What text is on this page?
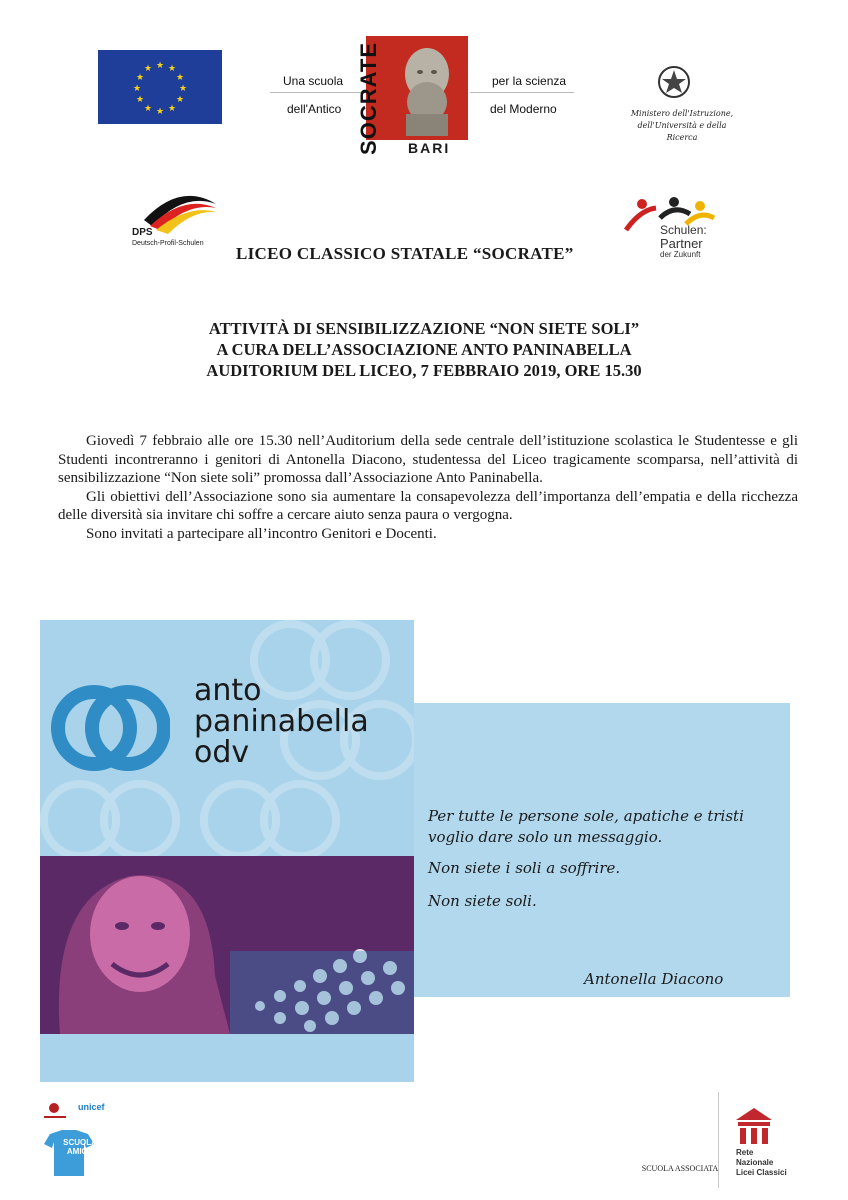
★ ★
★
★
★
★
★
★
★
★
★
★
Una scuola
dell'Antico SOCRATE BARI
per la scienza
del Moderno	Ministero dell'Istruzione,
dell'Università e della Ricerca
DPS
Deutsch-Profil-Schulen
LICEO CLASSICO STATALE “SOCRATE”
Schulen:
Partner
der Zukunft
ATTIVITÀ DI SENSIBILIZZAZIONE “NON SIETE SOLI”
A CURA DELL’ASSOCIAZIONE ANTO PANINABELLA
AUDITORIUM DEL LICEO, 7 FEBBRAIO 2019, ORE 15.30

Giovedì 7 febbraio alle ore 15.30 nell’Auditorium della sede centrale dell’istituzione scolastica le Studentesse e gli Studenti incontreranno i genitori di Antonella Diacono, studentessa del Liceo tragicamente scomparsa, nell’attività di sensibilizzazione “Non siete soli” promossa dall’Associazione Anto Paninabella.

Gli obiettivi dell’Associazione sono sia aumentare la consapevolezza dell’importanza dell’empatia e della ricchezza delle diversità sia invitare chi soffre a cercare aiuto senza paura o vergogna.

Sono invitati a partecipare all’incontro Genitori e Docenti.

anto
paninabella
odv

Per tutte le persone sole, apatiche e tristi voglio dare solo un messaggio.

Non siete i soli a soffrire.

Non siete soli.

Antonella Diacono
unicef
SCUOLA
AMICA
SCUOLA ASSOCIATA
Rete
Nazionale
Licei Classici
